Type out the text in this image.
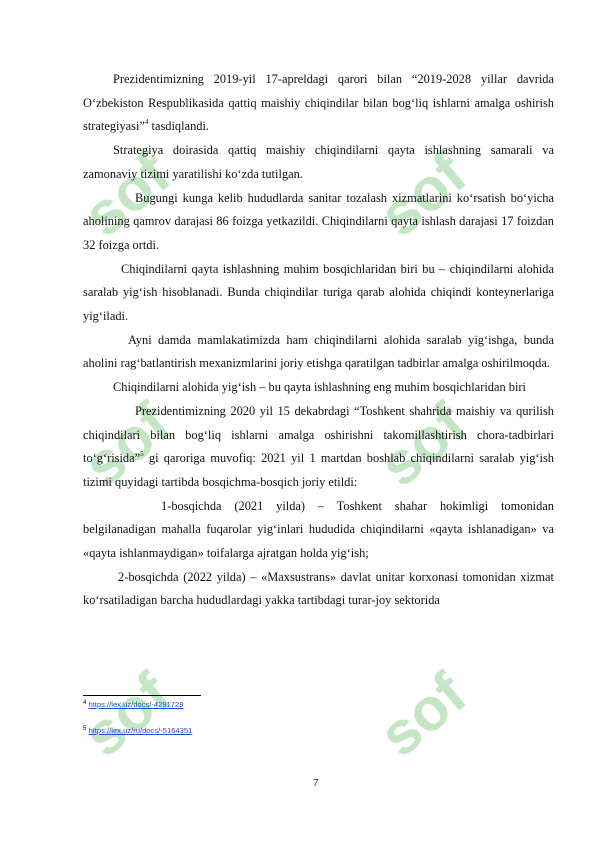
sof	sof
sof	sof
sof	sof

Prezidentimizning 2019-yil 17-apreldagi qarori bilan “2019-2028 yillar davrida O‘zbekiston Respublikasida qattiq maishiy chiqindilar bilan bog‘liq ishlarni amalga oshirish strategiyasi”$^4$ tasdiqlandi.

Strategiya doirasida qattiq maishiy chiqindilarni qayta ishlashning samarali va zamonaviy tizimi yaratilishi ko‘zda tutilgan.

Bugungi kunga kelib hududlarda sanitar tozalash xizmatlarini ko‘rsatish bo‘yicha aholining qamrov darajasi 86 foizga yetkazildi. Chiqindilarni qayta ishlash darajasi 17 foizdan 32 foizga ortdi.

Chiqindilarni qayta ishlashning muhim bosqichlaridan biri bu – chiqindilarni alohida saralab yig‘ish hisoblanadi. Bunda chiqindilar turiga qarab alohida chiqindi konteynerlariga yig‘iladi.

Ayni damda mamlakatimizda ham chiqindilarni alohida saralab yig‘ishga, bunda aholini rag‘batlantirish mexanizmlarini joriy etishga qaratilgan tadbirlar amalga oshirilmoqda.

Chiqindilarni alohida yig‘ish – bu qayta ishlashning eng muhim bosqichlaridan biri

Prezidentimizning 2020 yil 15 dekabrdagi “Toshkent shahrida maishiy va qurilish chiqindilari bilan bog‘liq ishlarni amalga oshirishni takomillashtirish chora-tadbirlari to‘g‘risida”$^5$ gi qaroriga muvofiq: 2021 yil 1 martdan boshlab chiqindilarni saralab yig‘ish tizimi quyidagi tartibda bosqichma-bosqich joriy etildi:

1-bosqichda (2021 yilda) – Toshkent shahar hokimligi tomonidan belgilanadigan mahalla fuqarolar yig‘inlari hududida chiqindilarni «qayta ishlanadigan» va «qayta ishlanmaydigan» toifalarga ajratgan holda yig‘ish;

2-bosqichda (2022 yilda) – «Maxsustrans» davlat unitar korxonasi tomonidan xizmat ko‘rsatiladigan barcha hududlardagi yakka tartibdagi turar-joy sektorida

$^4$ https://lex.uz/docs/-4291729
$^5$ https://lex.uz/ru/docs/-5164351
7
